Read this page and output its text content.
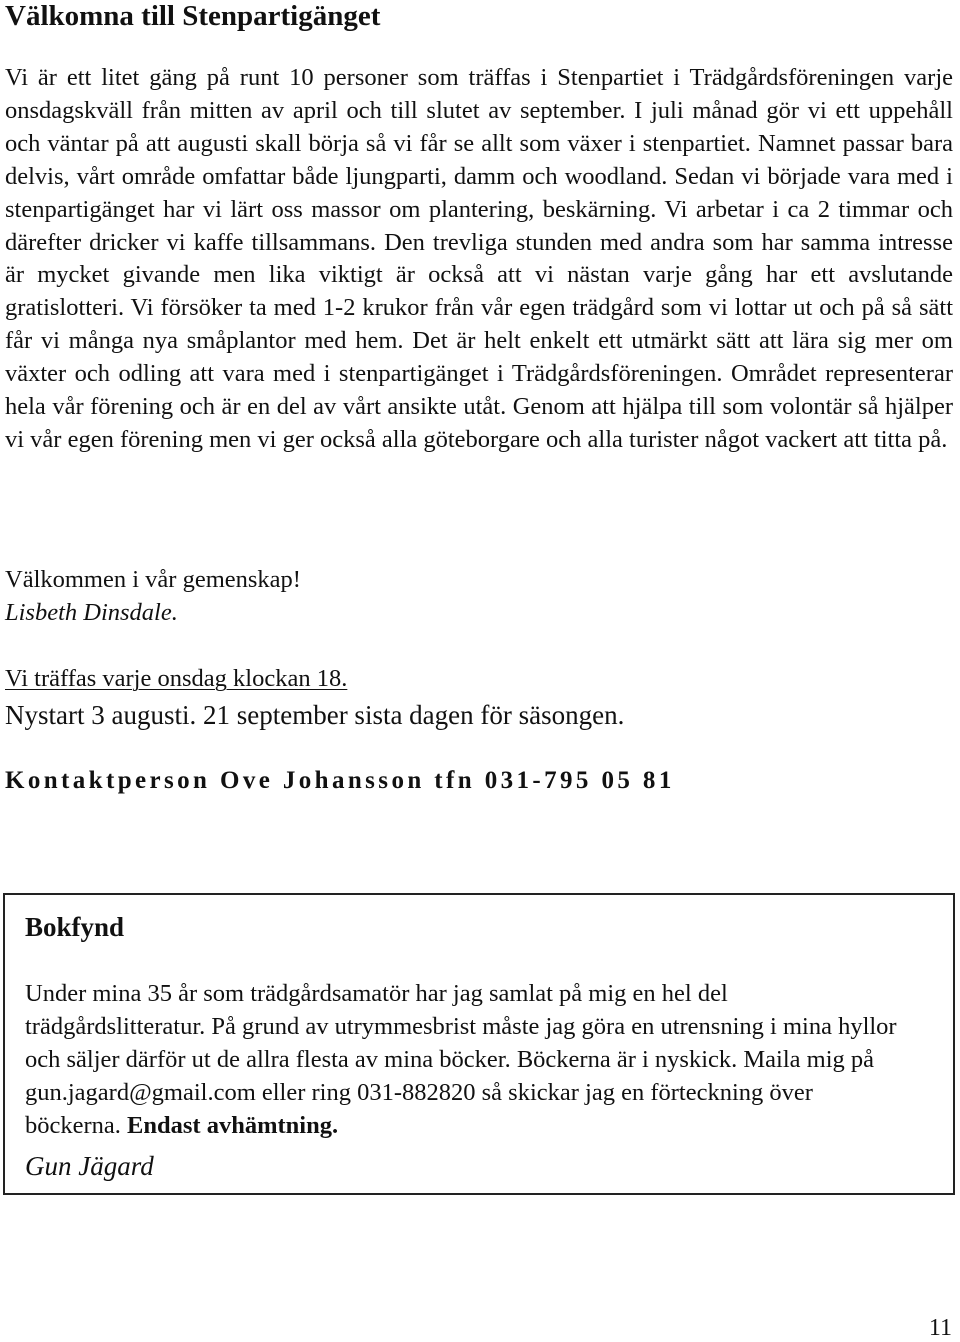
Välkomna till Stenpartigänget

Vi är ett litet gäng på runt 10 personer som träffas i Stenpartiet i Trädgårdsföreningen varje onsdagskväll från mitten av april och till slutet av september. I juli månad gör vi ett uppehåll och väntar på att augusti skall börja så vi får se allt som växer i stenpartiet. Namnet passar bara delvis, vårt område omfattar både ljungparti, damm och woodland. Sedan vi började vara med i stenpartigänget har vi lärt oss massor om plantering, beskärning. Vi arbetar i ca 2 timmar och därefter dricker vi kaffe tillsammans. Den trevliga stunden med andra som har samma intresse är mycket givande men lika viktigt är också att vi nästan varje gång har ett avslutande gratislotteri. Vi försöker ta med 1-2 krukor från vår egen trädgård som vi lottar ut och på så sätt får vi många nya småplantor med hem. Det är helt enkelt ett utmärkt sätt att lära sig mer om växter och odling att vara med i stenpartigänget i Trädgårdsföreningen. Området representerar hela vår förening och är en del av vårt ansikte utåt. Genom att hjälpa till som volontär så hjälper vi vår egen förening men vi ger också alla göteborgare och alla turister något vackert att titta på.

Välkommen i vår gemenskap!

Lisbeth Dinsdale.

Vi träffas varje onsdag klockan 18.

Nystart 3 augusti. 21 september sista dagen för säsongen.

Kontaktperson Ove Johansson tfn 031-795 05 81

Bokfynd

Under mina 35 år som trädgårdsamatör har jag samlat på mig en hel del trädgårdslitteratur. På grund av utrymmesbrist måste jag göra en utrensning i mina hyllor och säljer därför ut de allra flesta av mina böcker. Böckerna är i nyskick. Maila mig på gun.jagard@gmail.com eller ring 031-882820 så skickar jag en förteckning över böckerna. Endast avhämtning.

Gun Jägard

11
